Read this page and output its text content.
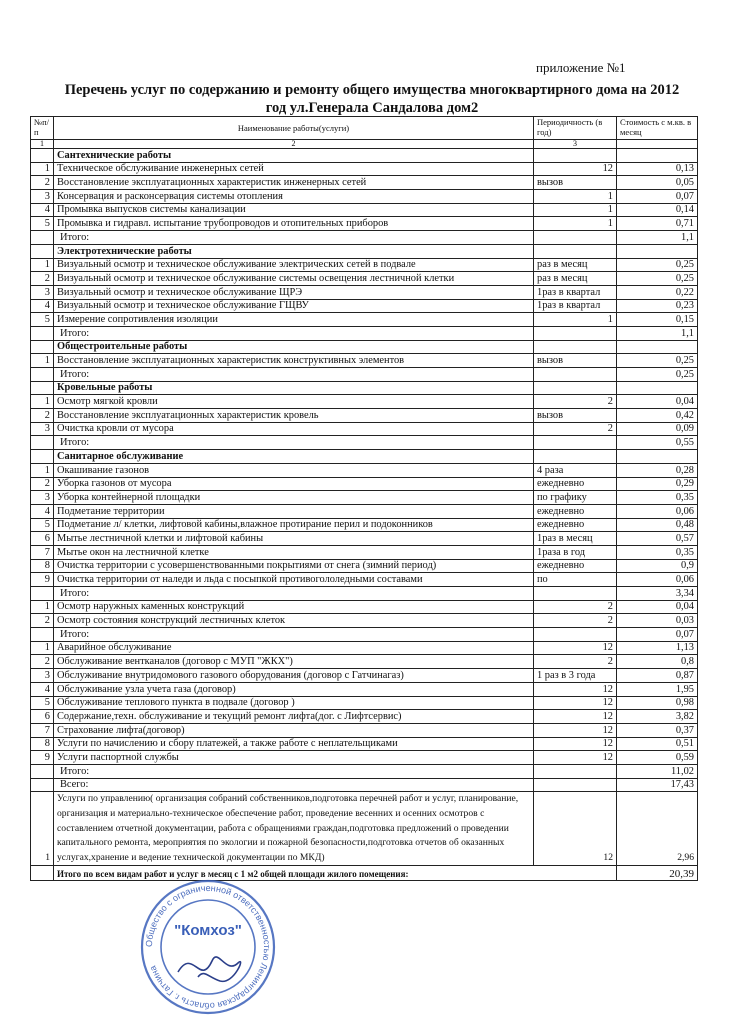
приложение №1
Перечень услуг по содержанию и ремонту общего имущества многоквартирного дома на 2012
год ул.Генерала Сандалова дом2
№п/п	Наименование работы(услуги)	Периодичность (в год)	Стоимость с м.кв. в месяц
1	2	3	
	Сантехнические работы		
1	Техническое обслуживание инженерных сетей	12	0,13
2	Восстановление эксплуатационных характеристик инженерных сетей	вызов	0,05
3	Консервация и расконсервация системы отопления	1	0,07
4	Промывка выпусков системы канализации	1	0,14
5	Промывка и гидравл. испытание трубопроводов и отопительных приборов	1	0,71
	Итого:		1,1
	Электротехнические работы		
1	Визуальный осмотр и техническое обслуживание электрических сетей в подвале	раз в месяц	0,25
2	Визуальный осмотр и техническое обслуживание системы освещения лестничной клетки	раз в месяц	0,25
3	Визуальный осмотр и техническое обслуживание ЩРЭ	1раз в квартал	0,22
4	Визуальный осмотр и техническое обслуживание ГЩВУ	1раз в квартал	0,23
5	Измерение сопротивления изоляции	1	0,15
	Итого:		1,1
	Общестроительные работы		
1	Восстановление эксплуатационных характеристик конструктивных элементов	вызов	0,25
	Итого:		0,25
	Кровельные работы		
1	Осмотр мягкой кровли	2	0,04
2	Восстановление эксплуатационных характеристик кровель	вызов	0,42
3	Очистка кровли от мусора	2	0,09
	Итого:		0,55
	Санитарное обслуживание		
1	Окашивание газонов	4 раза	0,28
2	Уборка газонов от мусора	ежедневно	0,29
3	Уборка контейнерной площадки	по графику	0,35
4	Подметание территории	ежедневно	0,06
5	Подметание л/ клетки, лифтовой кабины,влажное протирание перил и подоконников	ежедневно	0,48
6	Мытье лестничной клетки и лифтовой кабины	1раз в месяц	0,57
7	Мытье окон на лестничной клетке	1раза в год	0,35
8	Очистка территории с усовершенствованными покрытиями от снега (зимний период)	ежедневно	0,9
9	Очистка территории от наледи и льда с посыпкой противогололедными составами	по	0,06
	Итого:		3,34
1	Осмотр наружных каменных конструкций	2	0,04
2	Осмотр состояния конструкций лестничных клеток	2	0,03
	Итого:		0,07
1	Аварийное обслуживание	12	1,13
2	Обслуживание вентканалов (договор с МУП "ЖКХ")	2	0,8
3	Обслуживание внутридомового газового оборудования (договор с Гатчинагаз)	1 раз в 3 года	0,87
4	Обслуживание узла учета газа (договор)	12	1,95
5	Обслуживание теплового пункта в подвале (договор )	12	0,98
6	Содержание,техн. обслуживание и текущий ремонт лифта(дог. с Лифтсервис)	12	3,82
7	Страхование лифта(договор)	12	0,37
8	Услуги по начислению и сбору платежей, а также работе с неплательщиками	12	0,51
9	Услуги паспортной службы	12	0,59
	Итого:		11,02
	Всего:		17,43
1	Услуги по управлению( организация собраний собственников,подготовка перечней работ и услуг, планирование, организация и материально-техническое обеспечение работ, проведение весенних и осенних осмотров с составлением отчетной документации, работа с обращениями граждан,подготовка предложений о проведении капитального ремонта, мероприятия по экологии и пожарной безопасности,подготовка отчетов об оказанных услугах,хранение и ведение технической документации по МКД)	12	2,96
	Итого по всем видам работ и услуг в месяц с 1 м2 общей площади жилого помещения:		20,39
Общество с ограниченной ответственностью Ленинградская область г. Гатчина
"Комхоз"
